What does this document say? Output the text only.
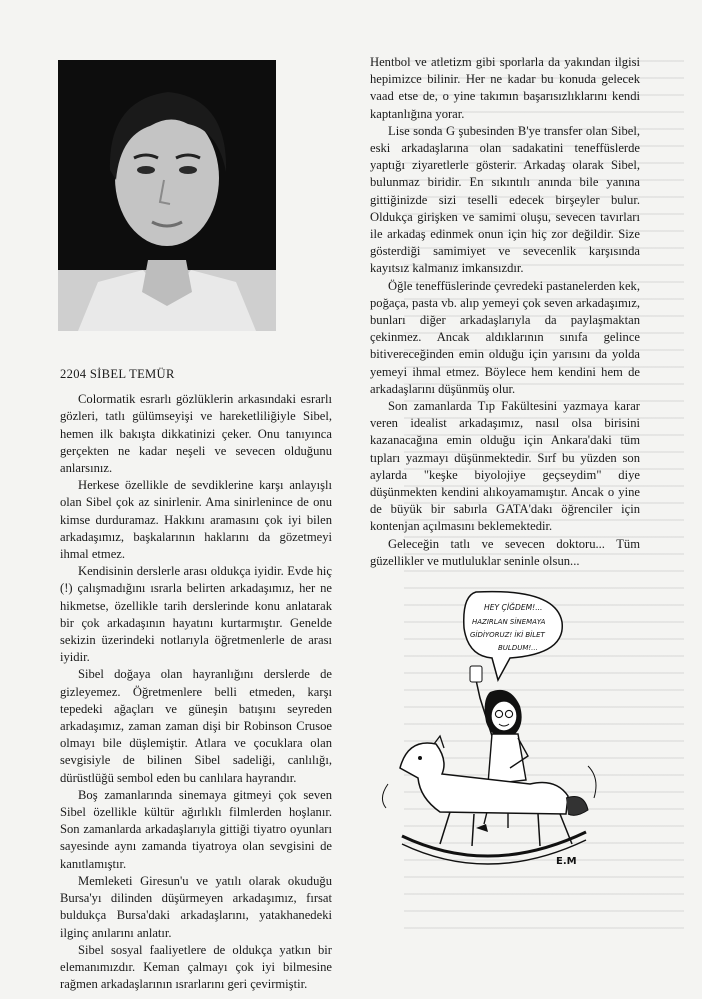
2204 SİBEL TEMÜR

Colormatik esrarlı gözlüklerin arkasındaki esrarlı gözleri, tatlı gülümseyişi ve hareketliliğiyle Sibel, hemen ilk bakışta dikkatinizi çeker. Onu tanıyınca gerçekten ne kadar neşeli ve sevecen olduğunu anlarsınız.

Herkese özellikle de sevdiklerine karşı anlayışlı olan Sibel çok az sinirlenir. Ama sinirlenince de onu kimse durduramaz. Hakkını aramasını çok iyi bilen arkadaşımız, başkalarının haklarını da gözetmeyi ihmal etmez.

Kendisinin derslerle arası oldukça iyidir. Evde hiç (!) çalışmadığını ısrarla belirten arkadaşımız, her ne hikmetse, özellikle tarih derslerinde konu anlatarak bir çok arkadaşının hayatını kurtarmıştır. Genelde sekizin üzerindeki notlarıyla öğretmenlerle de arası iyidir.

Sibel doğaya olan hayranlığını derslerde de gizleyemez. Öğretmenlere belli etmeden, karşı tepedeki ağaçları ve güneşin batışını seyreden arkadaşımız, zaman zaman dişi bir Robinson Crusoe olmayı bile düşlemiştir. Atlara ve çocuklara olan sevgisiyle de bilinen Sibel sadeliği, canlılığı, dürüstlüğü sembol eden bu canlılara hayrandır.

Boş zamanlarında sinemaya gitmeyi çok seven Sibel özellikle kültür ağırlıklı filmlerden hoşlanır. Son zamanlarda arkadaşlarıyla gittiği tiyatro oyunları sayesinde aynı zamanda tiyatroya olan sevgisini de kanıtlamıştır.

Memleketi Giresun'u ve yatılı olarak okuduğu Bursa'yı dilinden düşürmeyen arkadaşımız, fırsat buldukça Bursa'daki arkadaşlarını, yatakhanedeki ilginç anılarını anlatır.

Sibel sosyal faaliyetlere de oldukça yatkın bir elemanımızdır. Keman çalmayı çok iyi bilmesine rağmen arkadaşlarının ısrarlarını geri çevirmiştir.

Hentbol ve atletizm gibi sporlarla da yakından ilgisi hepimizce bilinir. Her ne kadar bu konuda gelecek vaad etse de, o yine takımın başarısızlıklarını kendi kaptanlığına yorar.

Lise sonda G şubesinden B'ye transfer olan Sibel, eski arkadaşlarına olan sadakatini teneffüslerde yaptığı ziyaretlerle gösterir. Arkadaş olarak Sibel, bulunmaz biridir. En sıkıntılı anında bile yanına gittiğinizde sizi teselli edecek birşeyler bulur. Oldukça girişken ve samimi oluşu, sevecen tavırları ile arkadaş edinmek onun için hiç zor değildir. Size gösterdiği samimiyet ve sevecenlik karşısında kayıtsız kalmanız imkansızdır.

Öğle teneffüslerinde çevredeki pastanelerden kek, poğaça, pasta vb. alıp yemeyi çok seven arkadaşımız, bunları diğer arkadaşlarıyla da paylaşmaktan çekinmez. Ancak aldıklarının sınıfa gelince bitivereceğinden emin olduğu için yarısını da yolda yemeyi ihmal etmez. Böylece hem kendini hem de arkadaşlarını düşünmüş olur.

Son zamanlarda Tıp Fakültesini yazmaya karar veren idealist arkadaşımız, nasıl olsa birisini kazanacağına emin olduğu için Ankara'daki tüm tıpları yazmayı düşünmektedir. Sırf bu yüzden son aylarda "keşke biyolojiye geçseydim" diye düşünmekten kendini alıkoyamamıştır. Ancak o yine de büyük bir sabırla GATA'dakı öğrenciler için kontenjan açılmasını beklemektedir.

Geleceğin tatlı ve sevecen doktoru... Tüm güzellikler ve mutluluklar seninle olsun...

HEY ÇİĞDEM!...
HAZIRLAN SİNEMAYA
GİDİYORUZ! İKİ BİLET
BULDUM!...
E.M
